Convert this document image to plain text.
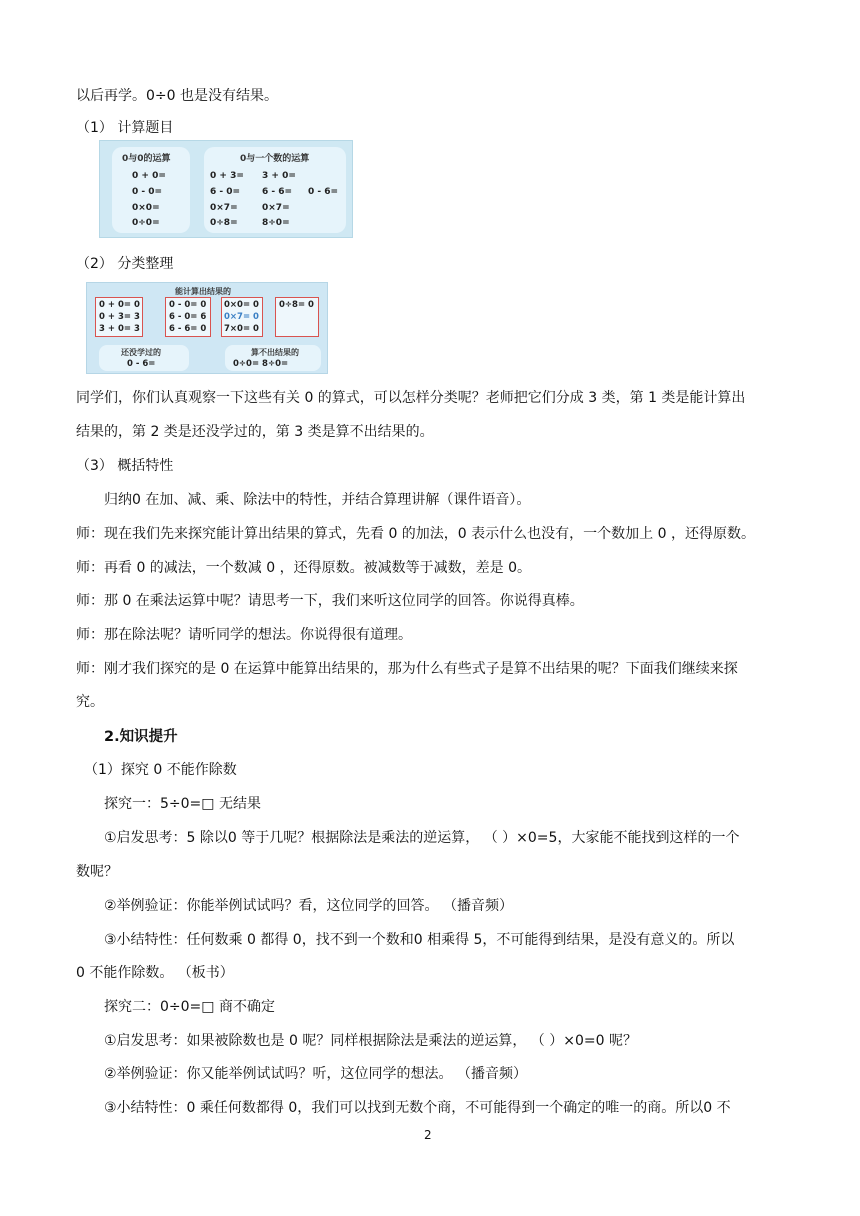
以后再学。0÷0 也是没有结果。
（1） 计算题目
0与0的运算
0 + 0=
0 - 0=
0×0=
0÷0=
0与一个数的运算
0 + 3=
6 - 0=
0×7=
0÷8=
3 + 0=
6 - 6=
0×7=
8÷0=
0 - 6=
（2） 分类整理
能计算出结果的
0 + 0= 0
0 + 3= 3
3 + 0= 3
0 - 0= 0
6 - 0= 6
6 - 6= 0
0×0= 0
0×7= 0
7×0= 0
0÷8= 0
还没学过的
0 - 6=
算不出结果的
0÷0= 8÷0=
同学们，你们认真观察一下这些有关 0 的算式，可以怎样分类呢？老师把它们分成 3 类，第 1 类是能计算出
结果的，第 2 类是还没学过的，第 3 类是算不出结果的。
（3） 概括特性
归纳0 在加、减、乘、除法中的特性，并结合算理讲解（课件语音）。
师：现在我们先来探究能计算出结果的算式，先看 0 的加法，0 表示什么也没有，一个数加上 0 ，还得原数。
师：再看 0 的减法，一个数减 0 ，还得原数。被减数等于减数，差是 0。
师：那 0 在乘法运算中呢？请思考一下，我们来听这位同学的回答。你说得真棒。
师：那在除法呢？请听同学的想法。你说得很有道理。
师：刚才我们探究的是 0 在运算中能算出结果的，那为什么有些式子是算不出结果的呢？下面我们继续来探
究。
2.知识提升
（1）探究 0 不能作除数
探究一：5÷0=□ 无结果
①启发思考：5 除以0 等于几呢？根据除法是乘法的逆运算， （ ）×0=5，大家能不能找到这样的一个
数呢？
②举例验证：你能举例试试吗？看，这位同学的回答。 （播音频）
③小结特性：任何数乘 0 都得 0，找不到一个数和0 相乘得 5，不可能得到结果，是没有意义的。所以
0 不能作除数。 （板书）
探究二：0÷0=□ 商不确定
①启发思考：如果被除数也是 0 呢？同样根据除法是乘法的逆运算， （ ）×0=0 呢？
②举例验证：你又能举例试试吗？听，这位同学的想法。 （播音频）
③小结特性：0 乘任何数都得 0，我们可以找到无数个商，不可能得到一个确定的唯一的商。所以0 不
2
